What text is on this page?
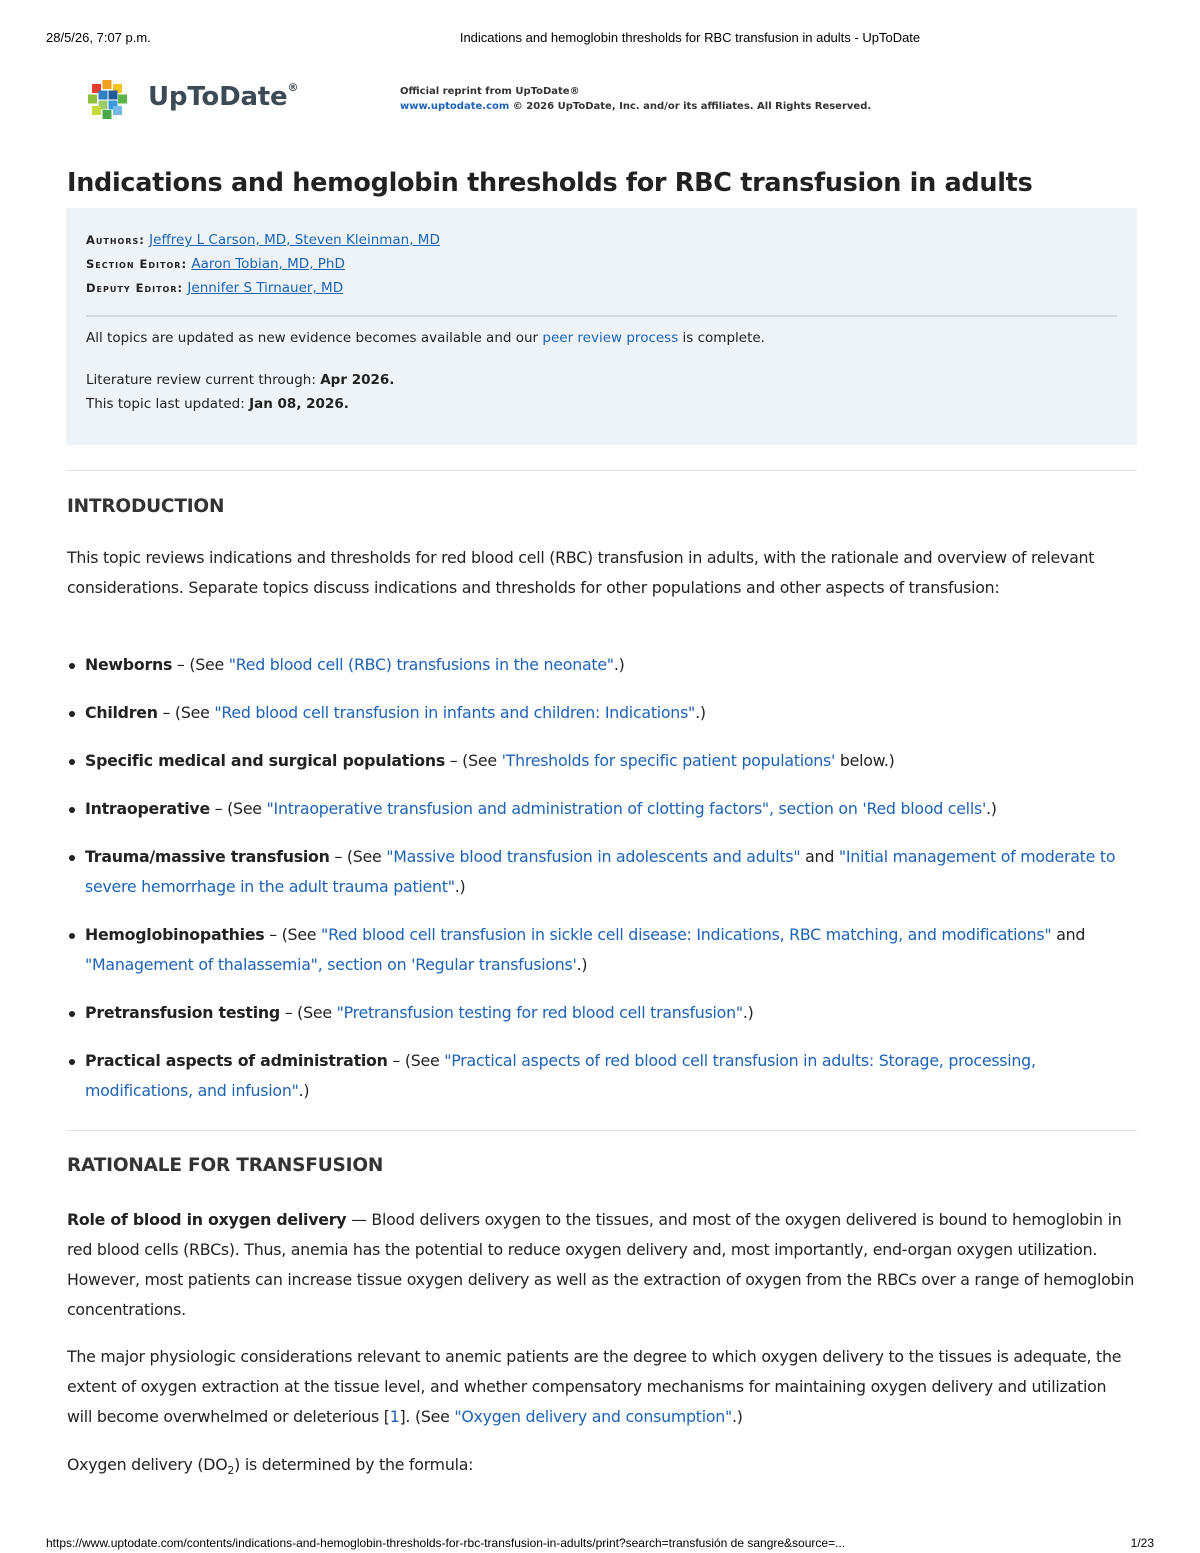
28/5/26, 7:07 p.m.	Indications and hemoglobin thresholds for RBC transfusion in adults - UpToDate
UpToDate®	Official reprint from UpToDate®
www.uptodate.com © 2026 UpToDate, Inc. and/or its affiliates. All Rights Reserved.
Indications and hemoglobin thresholds for RBC transfusion in adults
Authors: Jeffrey L Carson, MD, Steven Kleinman, MD
Section Editor: Aaron Tobian, MD, PhD
Deputy Editor: Jennifer S Tirnauer, MD

All topics are updated as new evidence becomes available and our peer review process is complete.

Literature review current through: Apr 2026.

This topic last updated: Jan 08, 2026.

INTRODUCTION

This topic reviews indications and thresholds for red blood cell (RBC) transfusion in adults, with the rationale and overview of relevant considerations. Separate topics discuss indications and thresholds for other populations and other aspects of transfusion:

Newborns – (See "Red blood cell (RBC) transfusions in the neonate".)
Children – (See "Red blood cell transfusion in infants and children: Indications".)
Specific medical and surgical populations – (See 'Thresholds for specific patient populations' below.)
Intraoperative – (See "Intraoperative transfusion and administration of clotting factors", section on 'Red blood cells'.)
Trauma/massive transfusion – (See "Massive blood transfusion in adolescents and adults" and "Initial management of moderate to severe hemorrhage in the adult trauma patient".)
Hemoglobinopathies – (See "Red blood cell transfusion in sickle cell disease: Indications, RBC matching, and modifications" and "Management of thalassemia", section on 'Regular transfusions'.)
Pretransfusion testing – (See "Pretransfusion testing for red blood cell transfusion".)
Practical aspects of administration – (See "Practical aspects of red blood cell transfusion in adults: Storage, processing, modifications, and infusion".)
RATIONALE FOR TRANSFUSION

Role of blood in oxygen delivery — Blood delivers oxygen to the tissues, and most of the oxygen delivered is bound to hemoglobin in red blood cells (RBCs). Thus, anemia has the potential to reduce oxygen delivery and, most importantly, end-organ oxygen utilization. However, most patients can increase tissue oxygen delivery as well as the extraction of oxygen from the RBCs over a range of hemoglobin concentrations.

The major physiologic considerations relevant to anemic patients are the degree to which oxygen delivery to the tissues is adequate, the extent of oxygen extraction at the tissue level, and whether compensatory mechanisms for maintaining oxygen delivery and utilization will become overwhelmed or deleterious [1]. (See "Oxygen delivery and consumption".)

Oxygen delivery $(DO_2)$ is determined by the formula:

https://www.uptodate.com/contents/indications-and-hemoglobin-thresholds-for-rbc-transfusion-in-adults/print?search=transfusión de sangre&source=...	1/23
